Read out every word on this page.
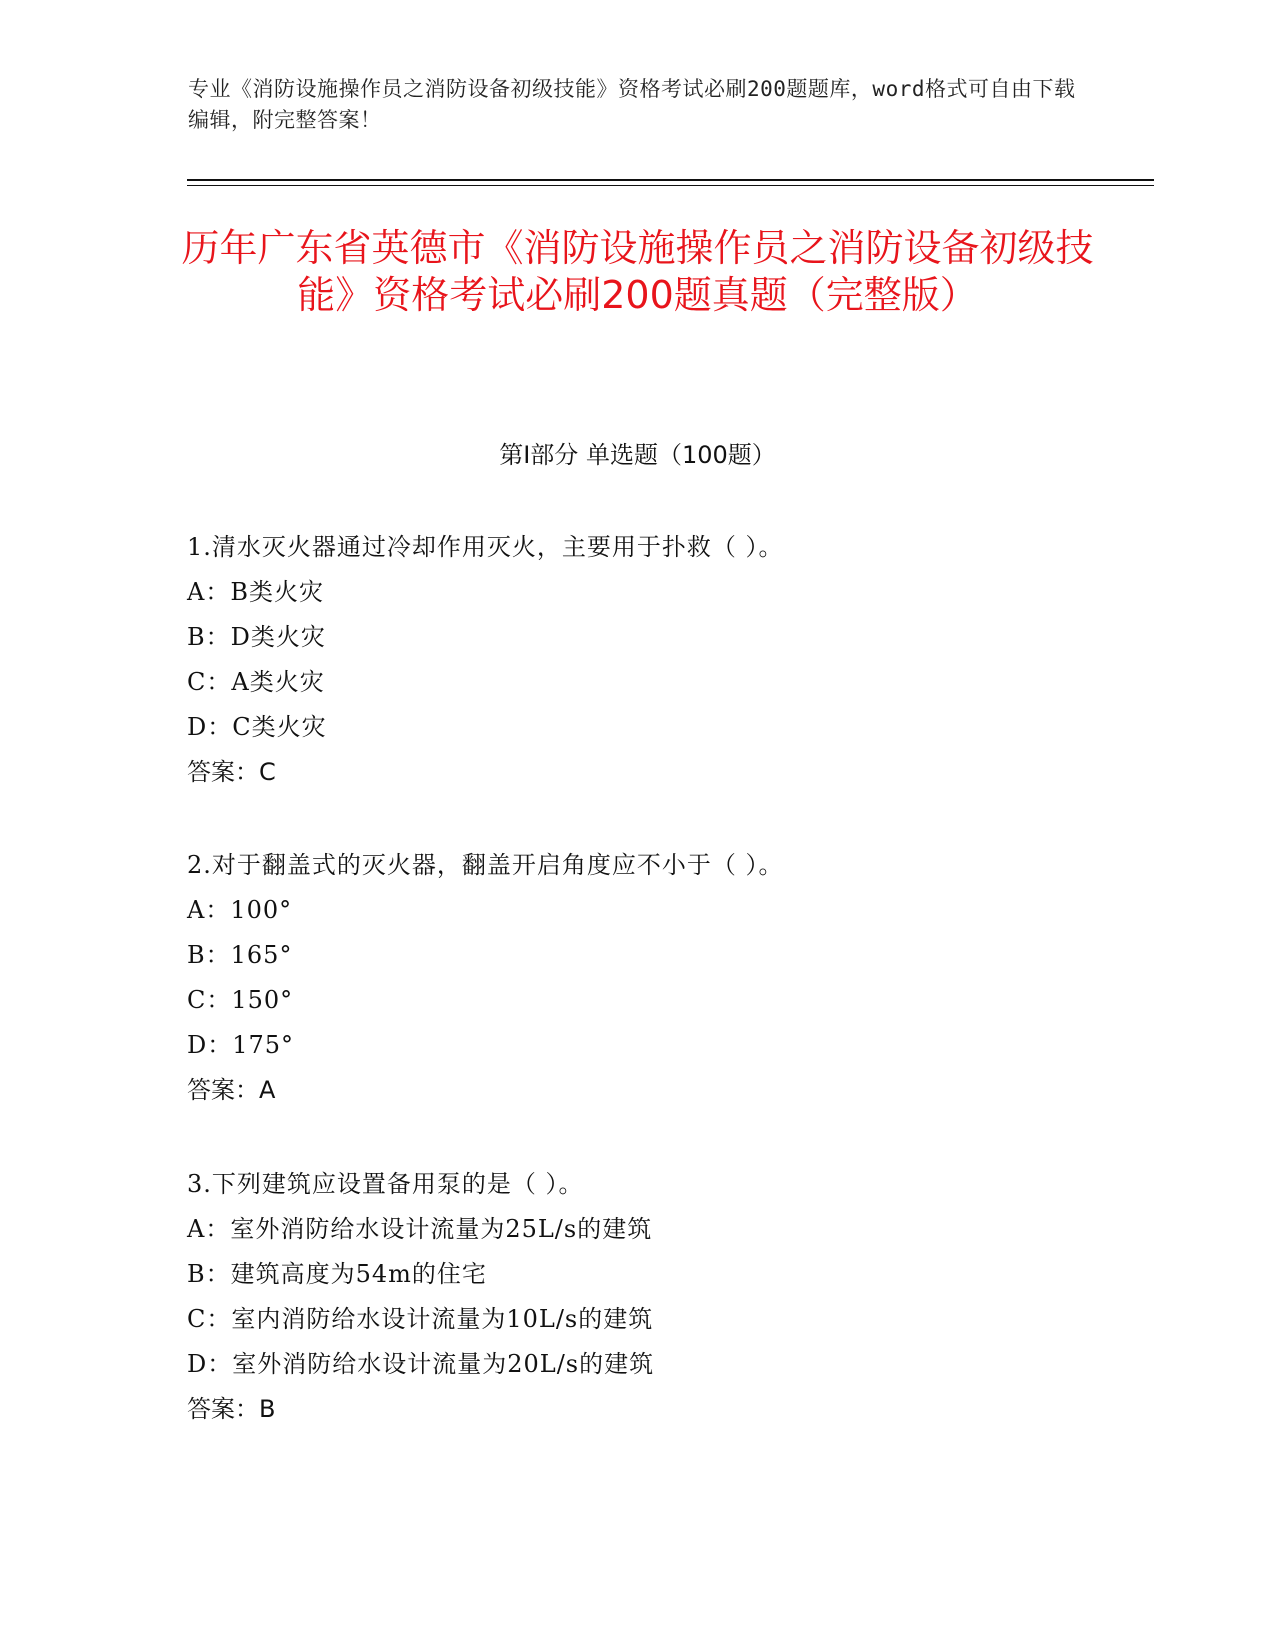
专业《消防设施操作员之消防设备初级技能》资格考试必刷200题题库，word格式可自由下载编辑，附完整答案！
历年广东省英德市《消防设施操作员之消防设备初级技能》资格考试必刷200题真题（完整版）
第Ⅰ部分 单选题（100题）
1.清水灭火器通过冷却作用灭火，主要用于扑救（ ）。
A：B类火灾
B：D类火灾
C：A类火灾
D：C类火灾
答案：C
2.对于翻盖式的灭火器，翻盖开启角度应不小于（ ）。
A：100°
B：165°
C：150°
D：175°
答案：A
3.下列建筑应设置备用泵的是（ ）。
A：室外消防给水设计流量为25L/s的建筑
B：建筑高度为54m的住宅
C：室内消防给水设计流量为10L/s的建筑
D：室外消防给水设计流量为20L/s的建筑
答案：B
